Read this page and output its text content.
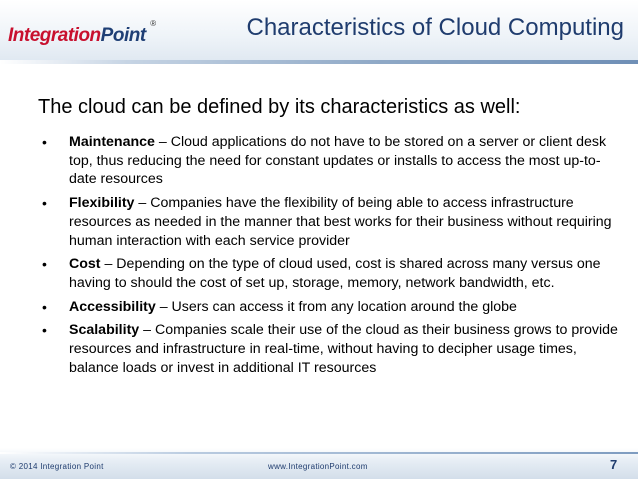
IntegrationPoint
®	Characteristics of Cloud Computing
The cloud can be defined by its characteristics as well:
• Maintenance – Cloud applications do not have to be stored on a server or client desk top, thus reducing the need for constant updates or installs to access the most up-to-date resources
• Flexibility – Companies have the flexibility of being able to access infrastructure resources as needed in the manner that best works for their business without requiring human interaction with each service provider
• Cost – Depending on the type of cloud used, cost is shared across many versus one having to should the cost of set up, storage, memory, network bandwidth, etc.
• Accessibility – Users can access it from any location around the globe
• Scalability – Companies scale their use of the cloud as their business grows to provide resources and infrastructure in real-time, without having to decipher usage times, balance loads or invest in additional IT resources
© 2014 Integration Point	www.IntegrationPoint.com	7
